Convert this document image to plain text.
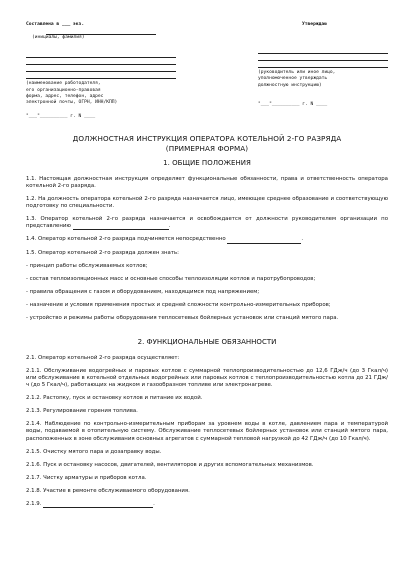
Составлена в ___ экз.
(инициалы, фамилия)
(наименование работодателя,
его организационно-правовая
форма, адрес, телефон, адрес
электронной почты, ОГРН, ИНН/КПП)
"___"__________ г. N ____
Утверждаю
(руководитель или иное лицо,
уполномоченное утверждать
должностную инструкцию)
"___"__________ г. N ____
ДОЛЖНОСТНАЯ ИНСТРУКЦИЯ ОПЕРАТОРА КОТЕЛЬНОЙ 2-ГО РАЗРЯДА (ПРИМЕРНАЯ ФОРМА)
1. ОБЩИЕ ПОЛОЖЕНИЯ
1.1. Настоящая должностная инструкция определяет функциональные обязанности, права и ответственность оператора котельной 2-го разряда.
1.2. На должность оператора котельной 2-го разряда назначается лицо, имеющее среднее образование и соответствующую подготовку по специальности.
1.3. Оператор котельной 2-го разряда назначается и освобождается от должности руководителем организации по представлению	.
1.4. Оператор котельной 2-го разряда подчиняется непосредственно	.
1.5. Оператор котельной 2-го разряда должен знать:
- принцип работы обслуживаемых котлов;
- состав теплоизоляционных масс и основные способы теплоизоляции котлов и паротрубопроводов;
- правила обращения с газом и оборудованием, находящимся под напряжением;
- назначение и условия применения простых и средней сложности контрольно-измерительных приборов;
- устройство и режимы работы оборудования теплосетевых бойлерных установок или станций мятого пара.
2. ФУНКЦИОНАЛЬНЫЕ ОБЯЗАННОСТИ
2.1. Оператор котельной 2-го разряда осуществляет:
2.1.1. Обслуживание водогрейных и паровых котлов с суммарной теплопроизводительностью до 12,6 ГДж/ч (до 3 Гкал/ч) или обслуживание в котельной отдельных водогрейных или паровых котлов с теплопроизводительностью котла до 21 ГДж/ч (до 5 Гкал/ч), работающих на жидком и газообразном топливе или электронагреве.
2.1.2. Растопку, пуск и остановку котлов и питание их водой.
2.1.3. Регулирование горения топлива.
2.1.4. Наблюдение по контрольно-измерительным приборам за уровнем воды в котле, давлением пара и температурой воды, подаваемой в отопительную систему. Обслуживание теплосетевых бойлерных установок или станций мятого пара, расположенных в зоне обслуживания основных агрегатов с суммарной тепловой нагрузкой до 42 ГДж/ч (до 10 Гкал/ч).
2.1.5. Очистку мятого пара и дозаправку воды.
2.1.6. Пуск и остановку насосов, двигателей, вентиляторов и других вспомогательных механизмов.
2.1.7. Чистку арматуры и приборов котла.
2.1.8. Участие в ремонте обслуживаемого оборудования.
2.1.9.	.
